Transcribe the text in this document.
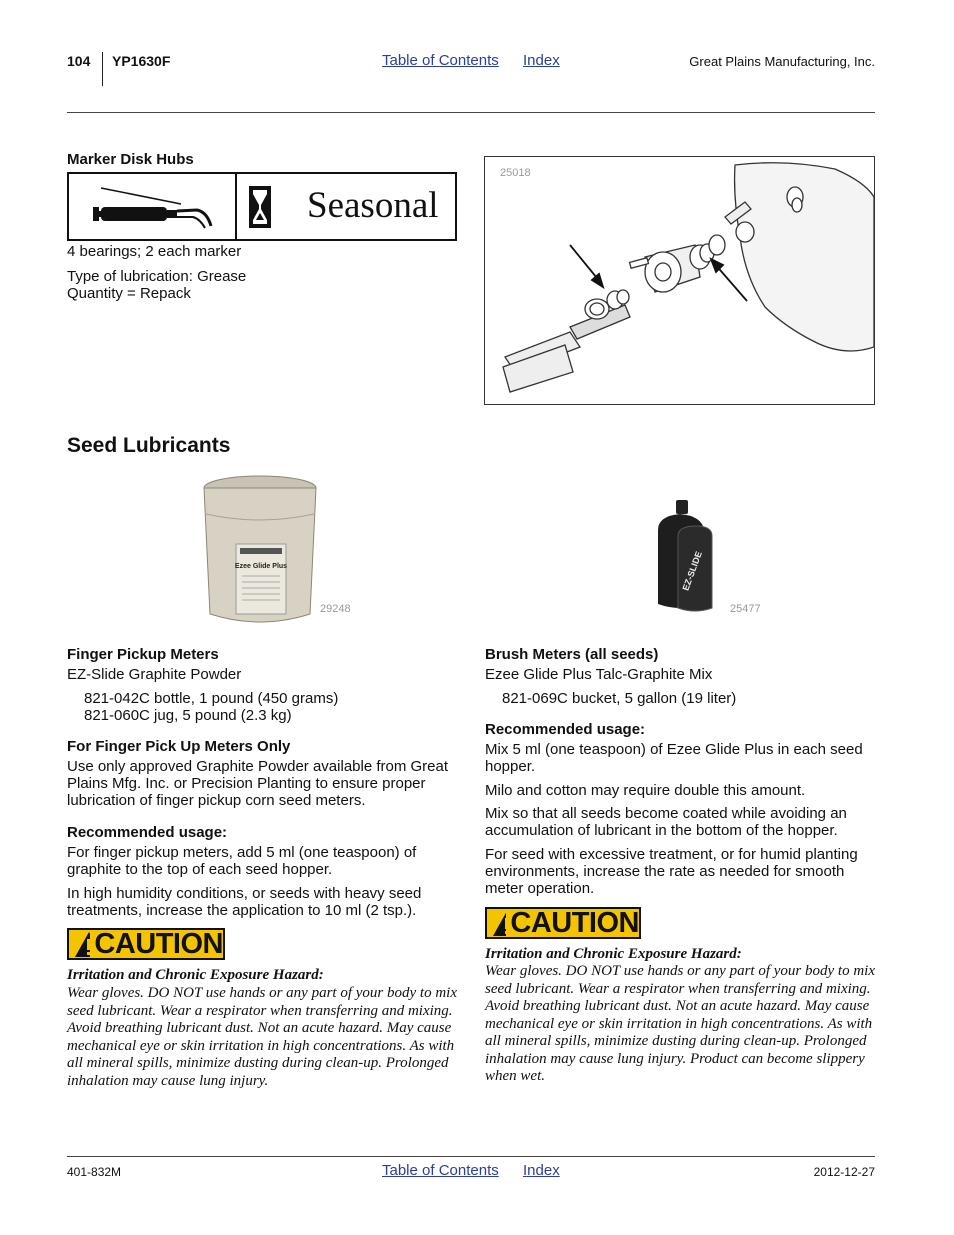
104 YP1630F	Table of Contents Index	Great Plains Manufacturing, Inc.
Marker Disk Hubs
Seasonal
4 bearings; 2 each marker
Type of lubrication: Grease
Quantity = Repack
25018
Seed Lubricants
Ezee Glide Plus
29248
EZ-SLIDE
25477
Finger Pickup Meters
EZ-Slide Graphite Powder
821-042C bottle, 1 pound (450 grams)
821-060C jug, 5 pound (2.3 kg)
For Finger Pick Up Meters Only
Use only approved Graphite Powder available from Great Plains Mfg. Inc. or Precision Planting to ensure proper lubrication of finger pickup corn seed meters.
Recommended usage:
For finger pickup meters, add 5 ml (one teaspoon) of graphite to the top of each seed hopper.
In high humidity conditions, or seeds with heavy seed treatments, increase the application to 10 ml (2 tsp.).
CAUTION
Irritation and Chronic Exposure Hazard:
Wear gloves. DO NOT use hands or any part of your body to mix seed lubricant. Wear a respirator when transferring and mixing. Avoid breathing lubricant dust. Not an acute hazard. May cause mechanical eye or skin irritation in high concentrations. As with all mineral spills, minimize dusting during clean-up. Prolonged inhalation may cause lung injury.
Brush Meters (all seeds)
Ezee Glide Plus Talc-Graphite Mix
821-069C bucket, 5 gallon (19 liter)
Recommended usage:
Mix 5 ml (one teaspoon) of Ezee Glide Plus in each seed hopper.
Milo and cotton may require double this amount.
Mix so that all seeds become coated while avoiding an accumulation of lubricant in the bottom of the hopper.
For seed with excessive treatment, or for humid planting environments, increase the rate as needed for smooth meter operation.
CAUTION
Irritation and Chronic Exposure Hazard:
Wear gloves. DO NOT use hands or any part of your body to mix seed lubricant. Wear a respirator when transferring and mixing. Avoid breathing lubricant dust. Not an acute hazard. May cause mechanical eye or skin irritation in high concentrations. As with all mineral spills, minimize dusting during clean-up. Prolonged inhalation may cause lung injury. Product can become slippery when wet.
401-832M	Table of Contents Index	2012-12-27
